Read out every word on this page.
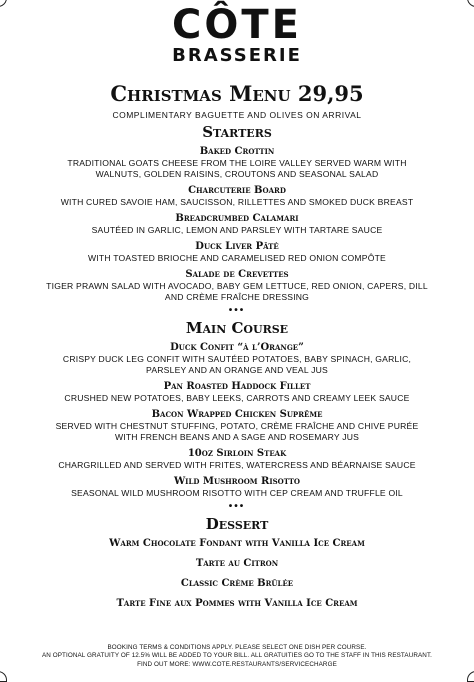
CÔTE
BRASSERIE
Christmas Menu 29,95
COMPLIMENTARY BAGUETTE AND OLIVES ON ARRIVAL
Starters
Baked Crottin
TRADITIONAL GOATS CHEESE FROM THE LOIRE VALLEY SERVED WARM WITH WALNUTS, GOLDEN RAISINS, CROUTONS AND SEASONAL SALAD
Charcuterie Board
WITH CURED SAVOIE HAM, SAUCISSON, RILLETTES AND SMOKED DUCK BREAST
Breadcrumbed Calamari
SAUTÉED IN GARLIC, LEMON AND PARSLEY WITH TARTARE SAUCE
Duck Liver Pâté
WITH TOASTED BRIOCHE AND CARAMELISED RED ONION COMPÔTE
Salade de Crevettes
TIGER PRAWN SALAD WITH AVOCADO, BABY GEM LETTUCE, RED ONION, CAPERS, DILL AND CRÈME FRAÎCHE DRESSING
•••
Main Course
Duck Confit “à l’Orange”
CRISPY DUCK LEG CONFIT WITH SAUTÉED POTATOES, BABY SPINACH, GARLIC, PARSLEY AND AN ORANGE AND VEAL JUS
Pan Roasted Haddock Fillet
CRUSHED NEW POTATOES, BABY LEEKS, CARROTS AND CREAMY LEEK SAUCE
Bacon Wrapped Chicken Suprême
SERVED WITH CHESTNUT STUFFING, POTATO, CRÈME FRAÎCHE AND CHIVE PURÉE WITH FRENCH BEANS AND A SAGE AND ROSEMARY JUS
10oz Sirloin Steak
CHARGRILLED AND SERVED WITH FRITES, WATERCRESS AND BÉARNAISE SAUCE
Wild Mushroom Risotto
SEASONAL WILD MUSHROOM RISOTTO WITH CEP CREAM AND TRUFFLE OIL
•••
Dessert
Warm Chocolate Fondant with Vanilla Ice Cream
Tarte au Citron
Classic Crème Brûlée
Tarte Fine aux Pommes with Vanilla Ice Cream
BOOKING TERMS & CONDITIONS APPLY. PLEASE SELECT ONE DISH PER COURSE.
AN OPTIONAL GRATUITY OF 12.5% WILL BE ADDED TO YOUR BILL. ALL GRATUITIES GO TO THE STAFF IN THIS RESTAURANT.
FIND OUT MORE: WWW.COTE.RESTAURANTS/SERVICECHARGE
